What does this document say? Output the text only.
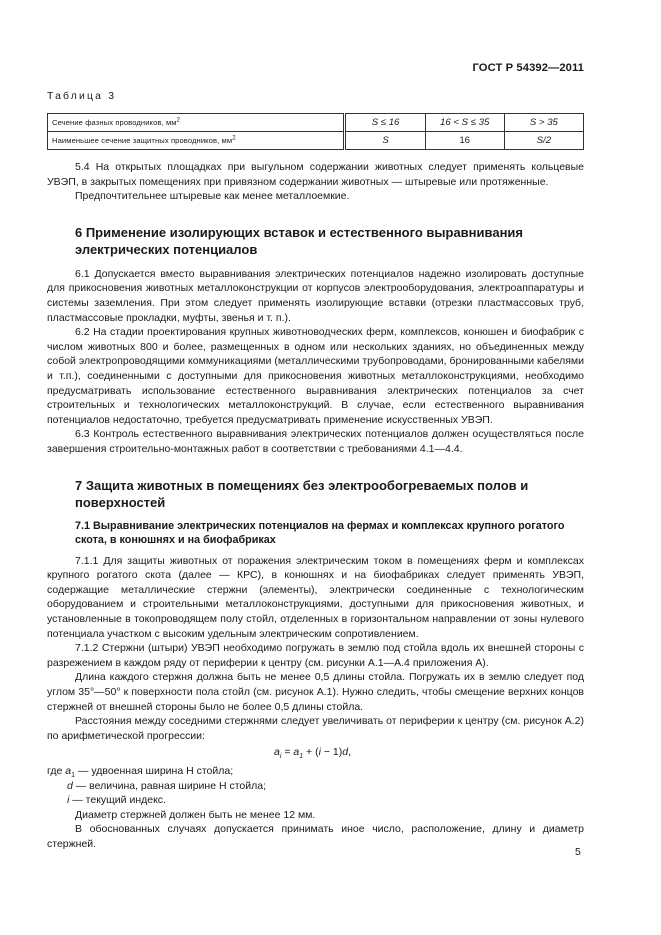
ГОСТ Р 54392—2011
Таблица 3
Сечение фазных проводников, $мм^2$	S ≤ 16	16 < S ≤ 35	S > 35
Наименьшее сечение защитных проводников, $мм^2$	S	16	S/2

5.4 На открытых площадках при выгульном содержании животных следует применять кольцевые УВЭП, в закрытых помещениях при привязном содержании животных — штыревые или протяженные.

Предпочтительнее штыревые как менее металлоемкие.

6 Применение изолирующих вставок и естественного выравнивания электрических потенциалов

6.1 Допускается вместо выравнивания электрических потенциалов надежно изолировать доступные для прикосновения животных металлоконструкции от корпусов электрооборудования, электроаппаратуры и системы заземления. При этом следует применять изолирующие вставки (отрезки пластмассовых труб, пластмассовые прокладки, муфты, звенья и т. п.).

6.2 На стадии проектирования крупных животноводческих ферм, комплексов, конюшен и биофабрик с числом животных 800 и более, размещенных в одном или нескольких зданиях, но объединенных между собой электропроводящими коммуникациями (металлическими трубопроводами, бронированными кабелями и т.п.), соединенными с доступными для прикосновения животных металлоконструкциями, необходимо предусматривать использование естественного выравнивания электрических потенциалов за счет строительных и технологических металлоконструкций. В случае, если естественного выравнивания потенциалов недостаточно, требуется предусматривать применение искусственных УВЭП.

6.3 Контроль естественного выравнивания электрических потенциалов должен осуществляться после завершения строительно-монтажных работ в соответствии с требованиями 4.1—4.4.

7 Защита животных в помещениях без электрообогреваемых полов и поверхностей
7.1 Выравнивание электрических потенциалов на фермах и комплексах крупного рогатого скота, в конюшнях и на биофабриках

7.1.1 Для защиты животных от поражения электрическим током в помещениях ферм и комплексах крупного рогатого скота (далее — КРС), в конюшнях и на биофабриках следует применять УВЭП, содержащие металлические стержни (элементы), электрически соединенные с технологическим оборудованием и строительными металлоконструкциями, доступными для прикосновения животных, и установленные в токопроводящем полу стойл, отделенных в горизонтальном направлении от зоны нулевого потенциала участком с высоким удельным электрическим сопротивлением.

7.1.2 Стержни (штыри) УВЭП необходимо погружать в землю под стойла вдоль их внешней стороны с разрежением в каждом ряду от периферии к центру (см. рисунки А.1—А.4 приложения А).

Длина каждого стержня должна быть не менее 0,5 длины стойла. Погружать их в землю следует под углом 35°—50° к поверхности пола стойл (см. рисунок А.1). Нужно следить, чтобы смещение верхних концов стержней от внешней стороны было не более 0,5 длины стойла.

Расстояния между соседними стержнями следует увеличивать от периферии к центру (см. рисунок А.2) по арифметической прогрессии:

$a_i = a_1 + (i - 1)d$,
где $a_1$ — удвоенная ширина Н стойла;
d — величина, равная ширине Н стойла;
i — текущий индекс.

Диаметр стержней должен быть не менее 12 мм.

В обоснованных случаях допускается принимать иное число, расположение, длину и диаметр стержней.

5
